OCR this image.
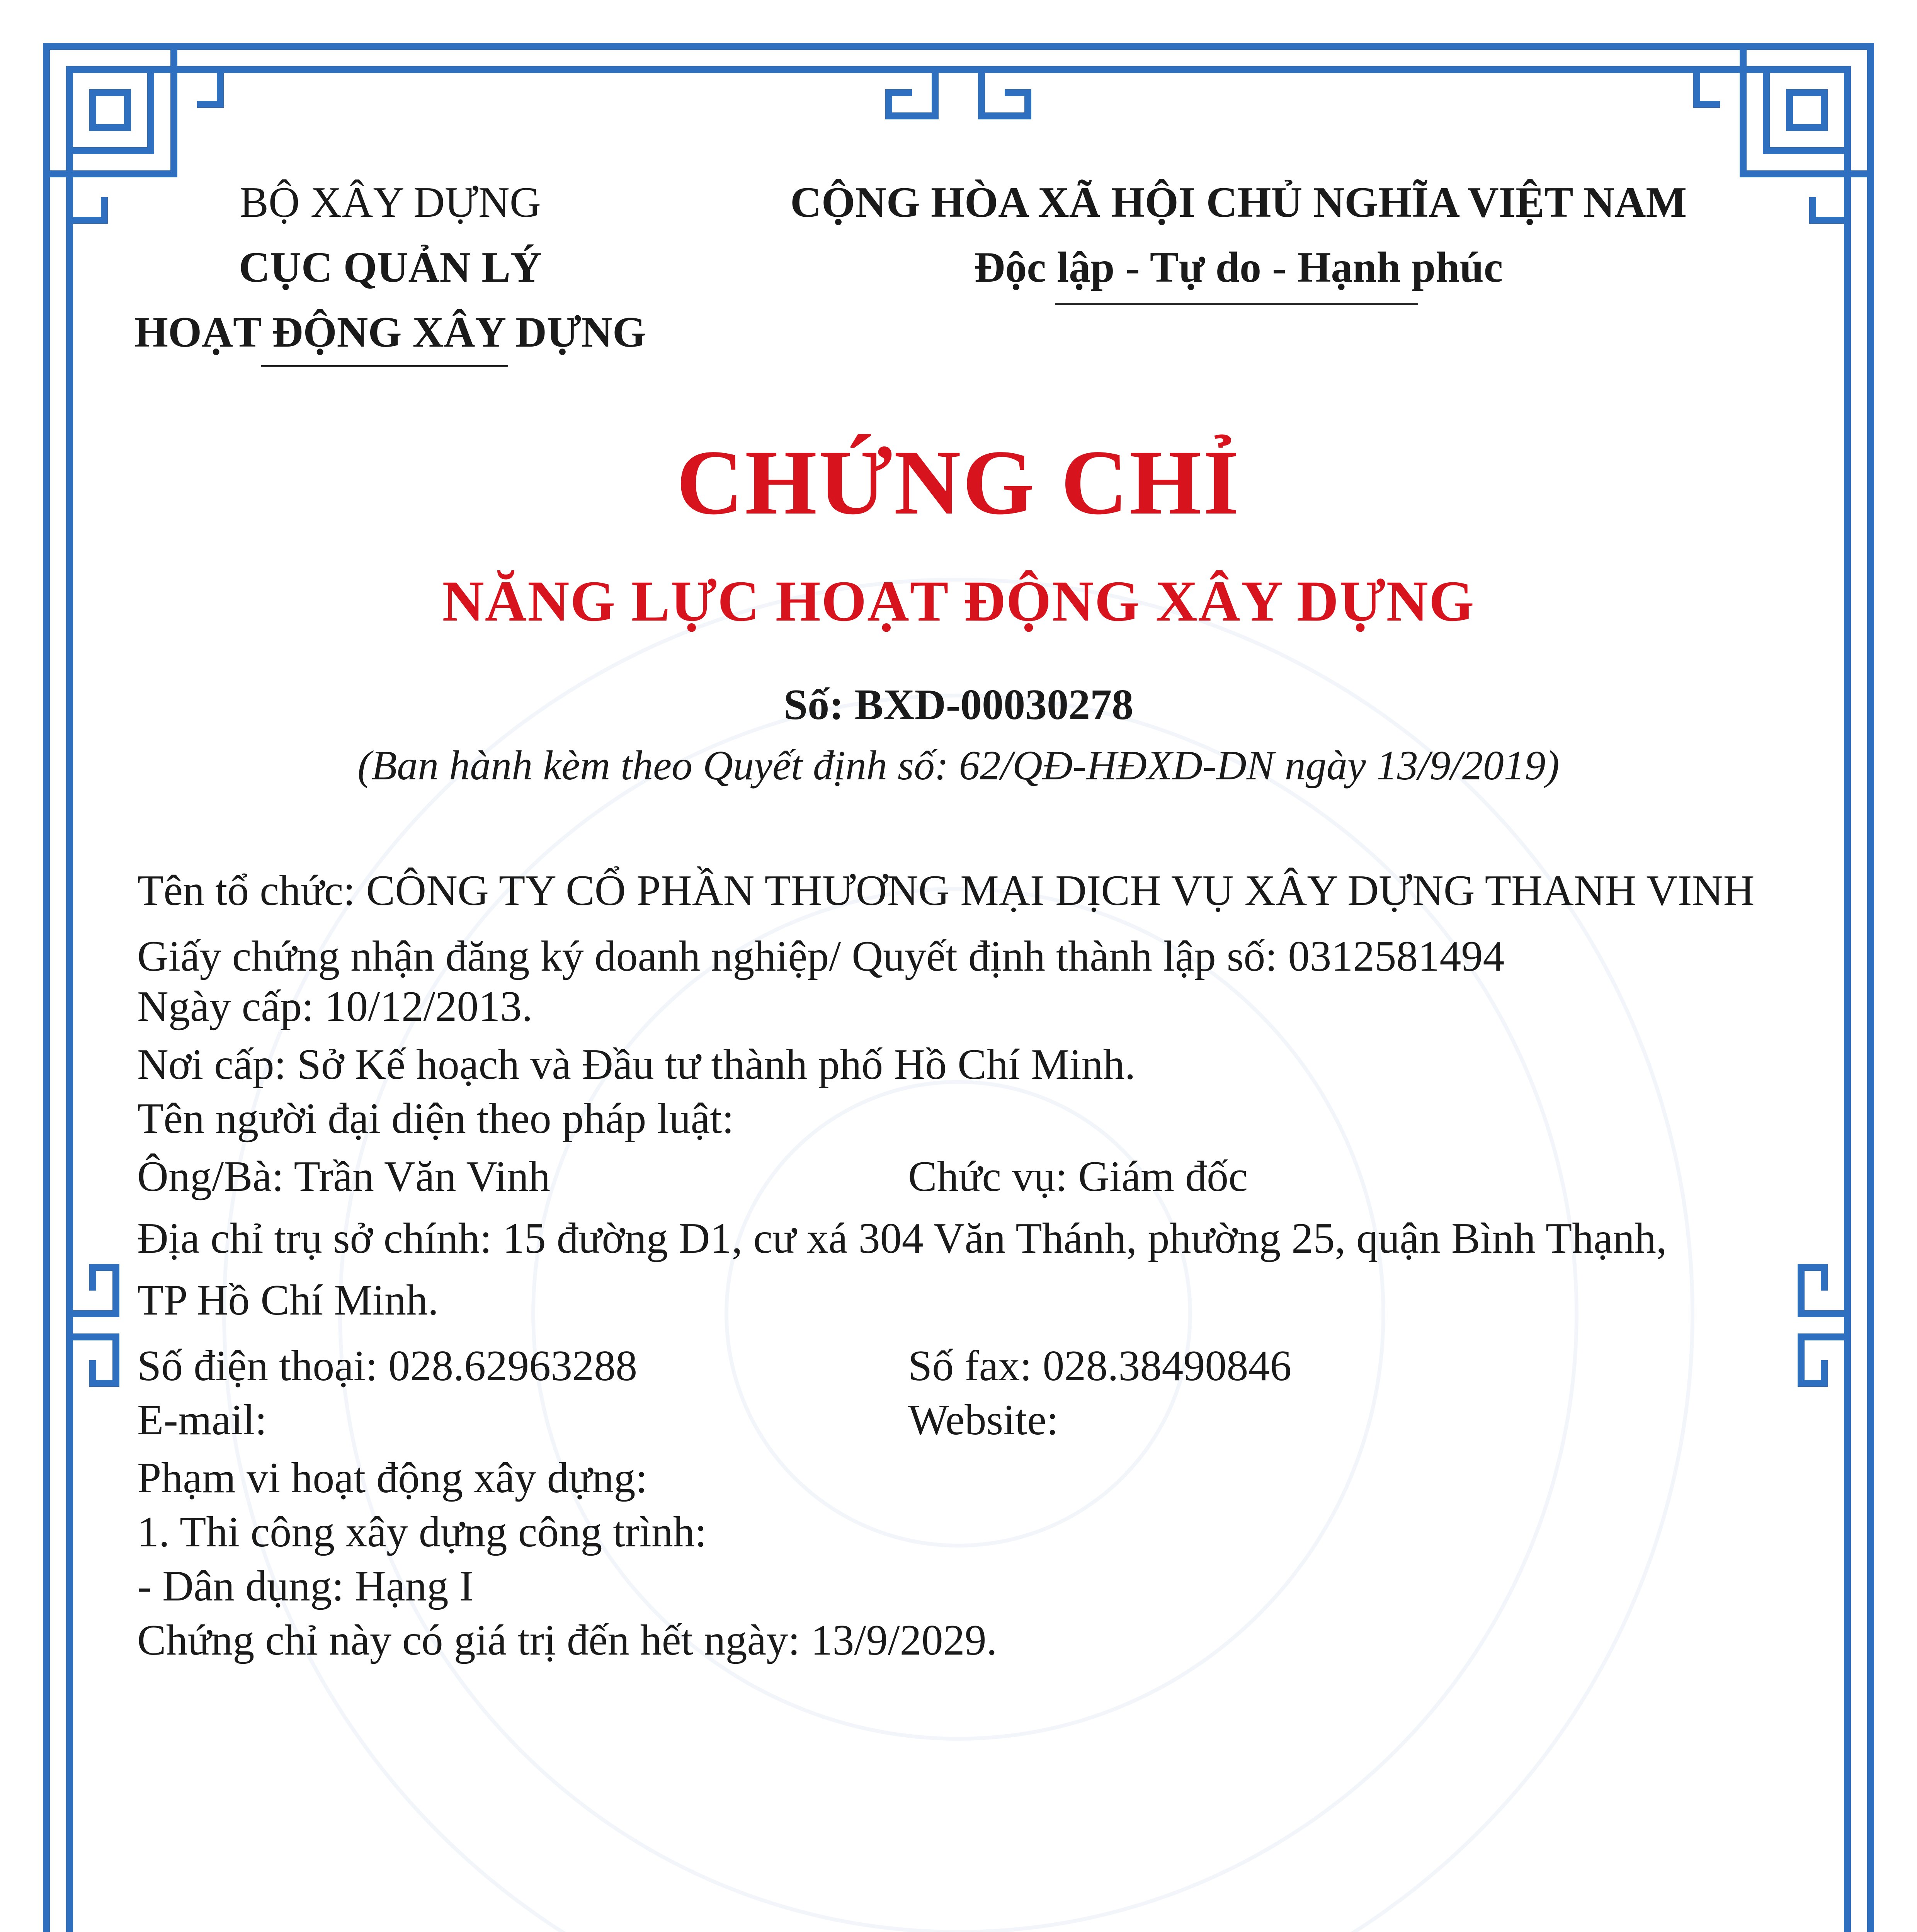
BỘ XÂY DỰNG
CỤC QUẢN LÝ
HOẠT ĐỘNG XÂY DỰNG
CỘNG HÒA XÃ HỘI CHỦ NGHĨA VIỆT NAM
Độc lập - Tự do - Hạnh phúc
CHỨNG CHỈ
NĂNG LỰC HOẠT ĐỘNG XÂY DỰNG
Số: BXD-00030278
(Ban hành kèm theo Quyết định số: 62/QĐ-HĐXD-DN ngày 13/9/2019)
Tên tổ chức: CÔNG TY CỔ PHẦN THƯƠNG MẠI DỊCH VỤ XÂY DỰNG THANH VINH
Giấy chứng nhận đăng ký doanh nghiệp/ Quyết định thành lập số: 0312581494
Ngày cấp: 10/12/2013.
Nơi cấp: Sở Kế hoạch và Đầu tư thành phố Hồ Chí Minh.
Tên người đại diện theo pháp luật:
Ông/Bà: Trần Văn Vinh	Chức vụ: Giám đốc
Địa chỉ trụ sở chính: 15 đường D1, cư xá 304 Văn Thánh, phường 25, quận Bình Thạnh,
TP Hồ Chí Minh.
Số điện thoại: 028.62963288	Số fax: 028.38490846
E-mail:	Website:
Phạm vi hoạt động xây dựng:
1. Thi công xây dựng công trình:
- Dân dụng: Hạng I
Chứng chỉ này có giá trị đến hết ngày: 13/9/2029.
